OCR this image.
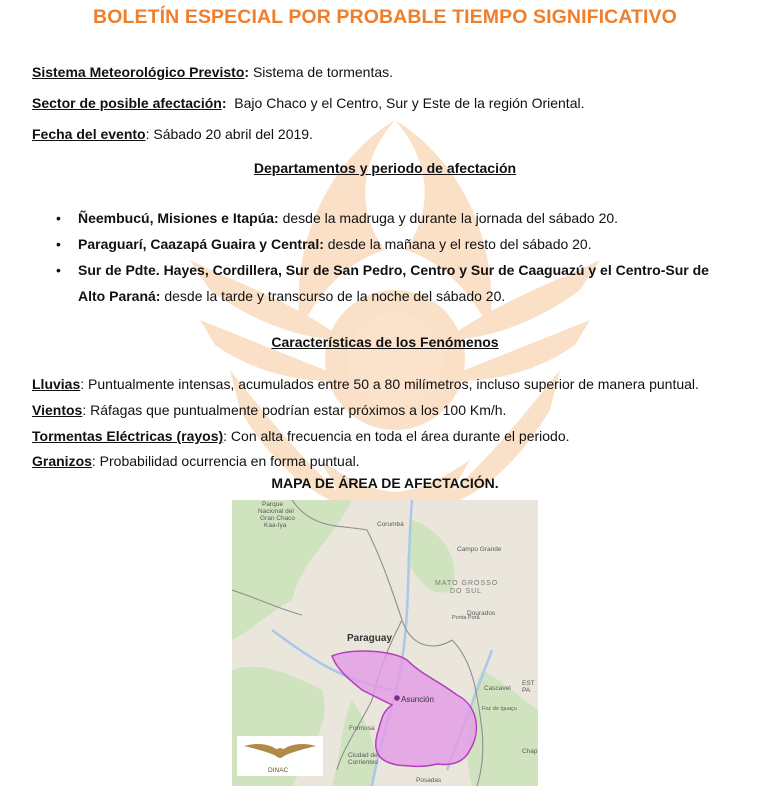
BOLETÍN ESPECIAL POR PROBABLE TIEMPO SIGNIFICATIVO
Sistema Meteorológico Previsto: Sistema de tormentas.
Sector de posible afectación: Bajo Chaco y el Centro, Sur y Este de la región Oriental.
Fecha del evento: Sábado 20 abril del 2019.
Departamentos y periodo de afectación
• Ñeembucú, Misiones e Itapúa: desde la madruga y durante la jornada del sábado 20.
• Paraguarí, Caazapá Guaira y Central: desde la mañana y el resto del sábado 20.
• Sur de Pdte. Hayes, Cordillera, Sur de San Pedro, Centro y Sur de Caaguazú y el Centro-Sur de Alto Paraná: desde la tarde y transcurso de la noche del sábado 20.
Características de los Fenómenos
Lluvias: Puntualmente intensas, acumulados entre 50 a 80 milímetros, incluso superior de manera puntual.
Vientos: Ráfagas que puntualmente podrían estar próximos a los 100 Km/h.
Tormentas Eléctricas (rayos): Con alta frecuencia en toda el área durante el periodo.
Granizos: Probabilidad ocurrencia en forma puntual.
MAPA DE ÁREA DE AFECTACIÓN.
Parque
Nacional del
Gran Chaco
Kaa-Iya	Corumbá
Campo Grande
Dourados
Ponta Porã
Cascavel
Foz do Iguaçu
Formosa
Ciudad de
Corrientes
Posadas
EST
PA
Chap
MATO GROSSO
DO SUL
Paraguay
Asunción
DINAC
